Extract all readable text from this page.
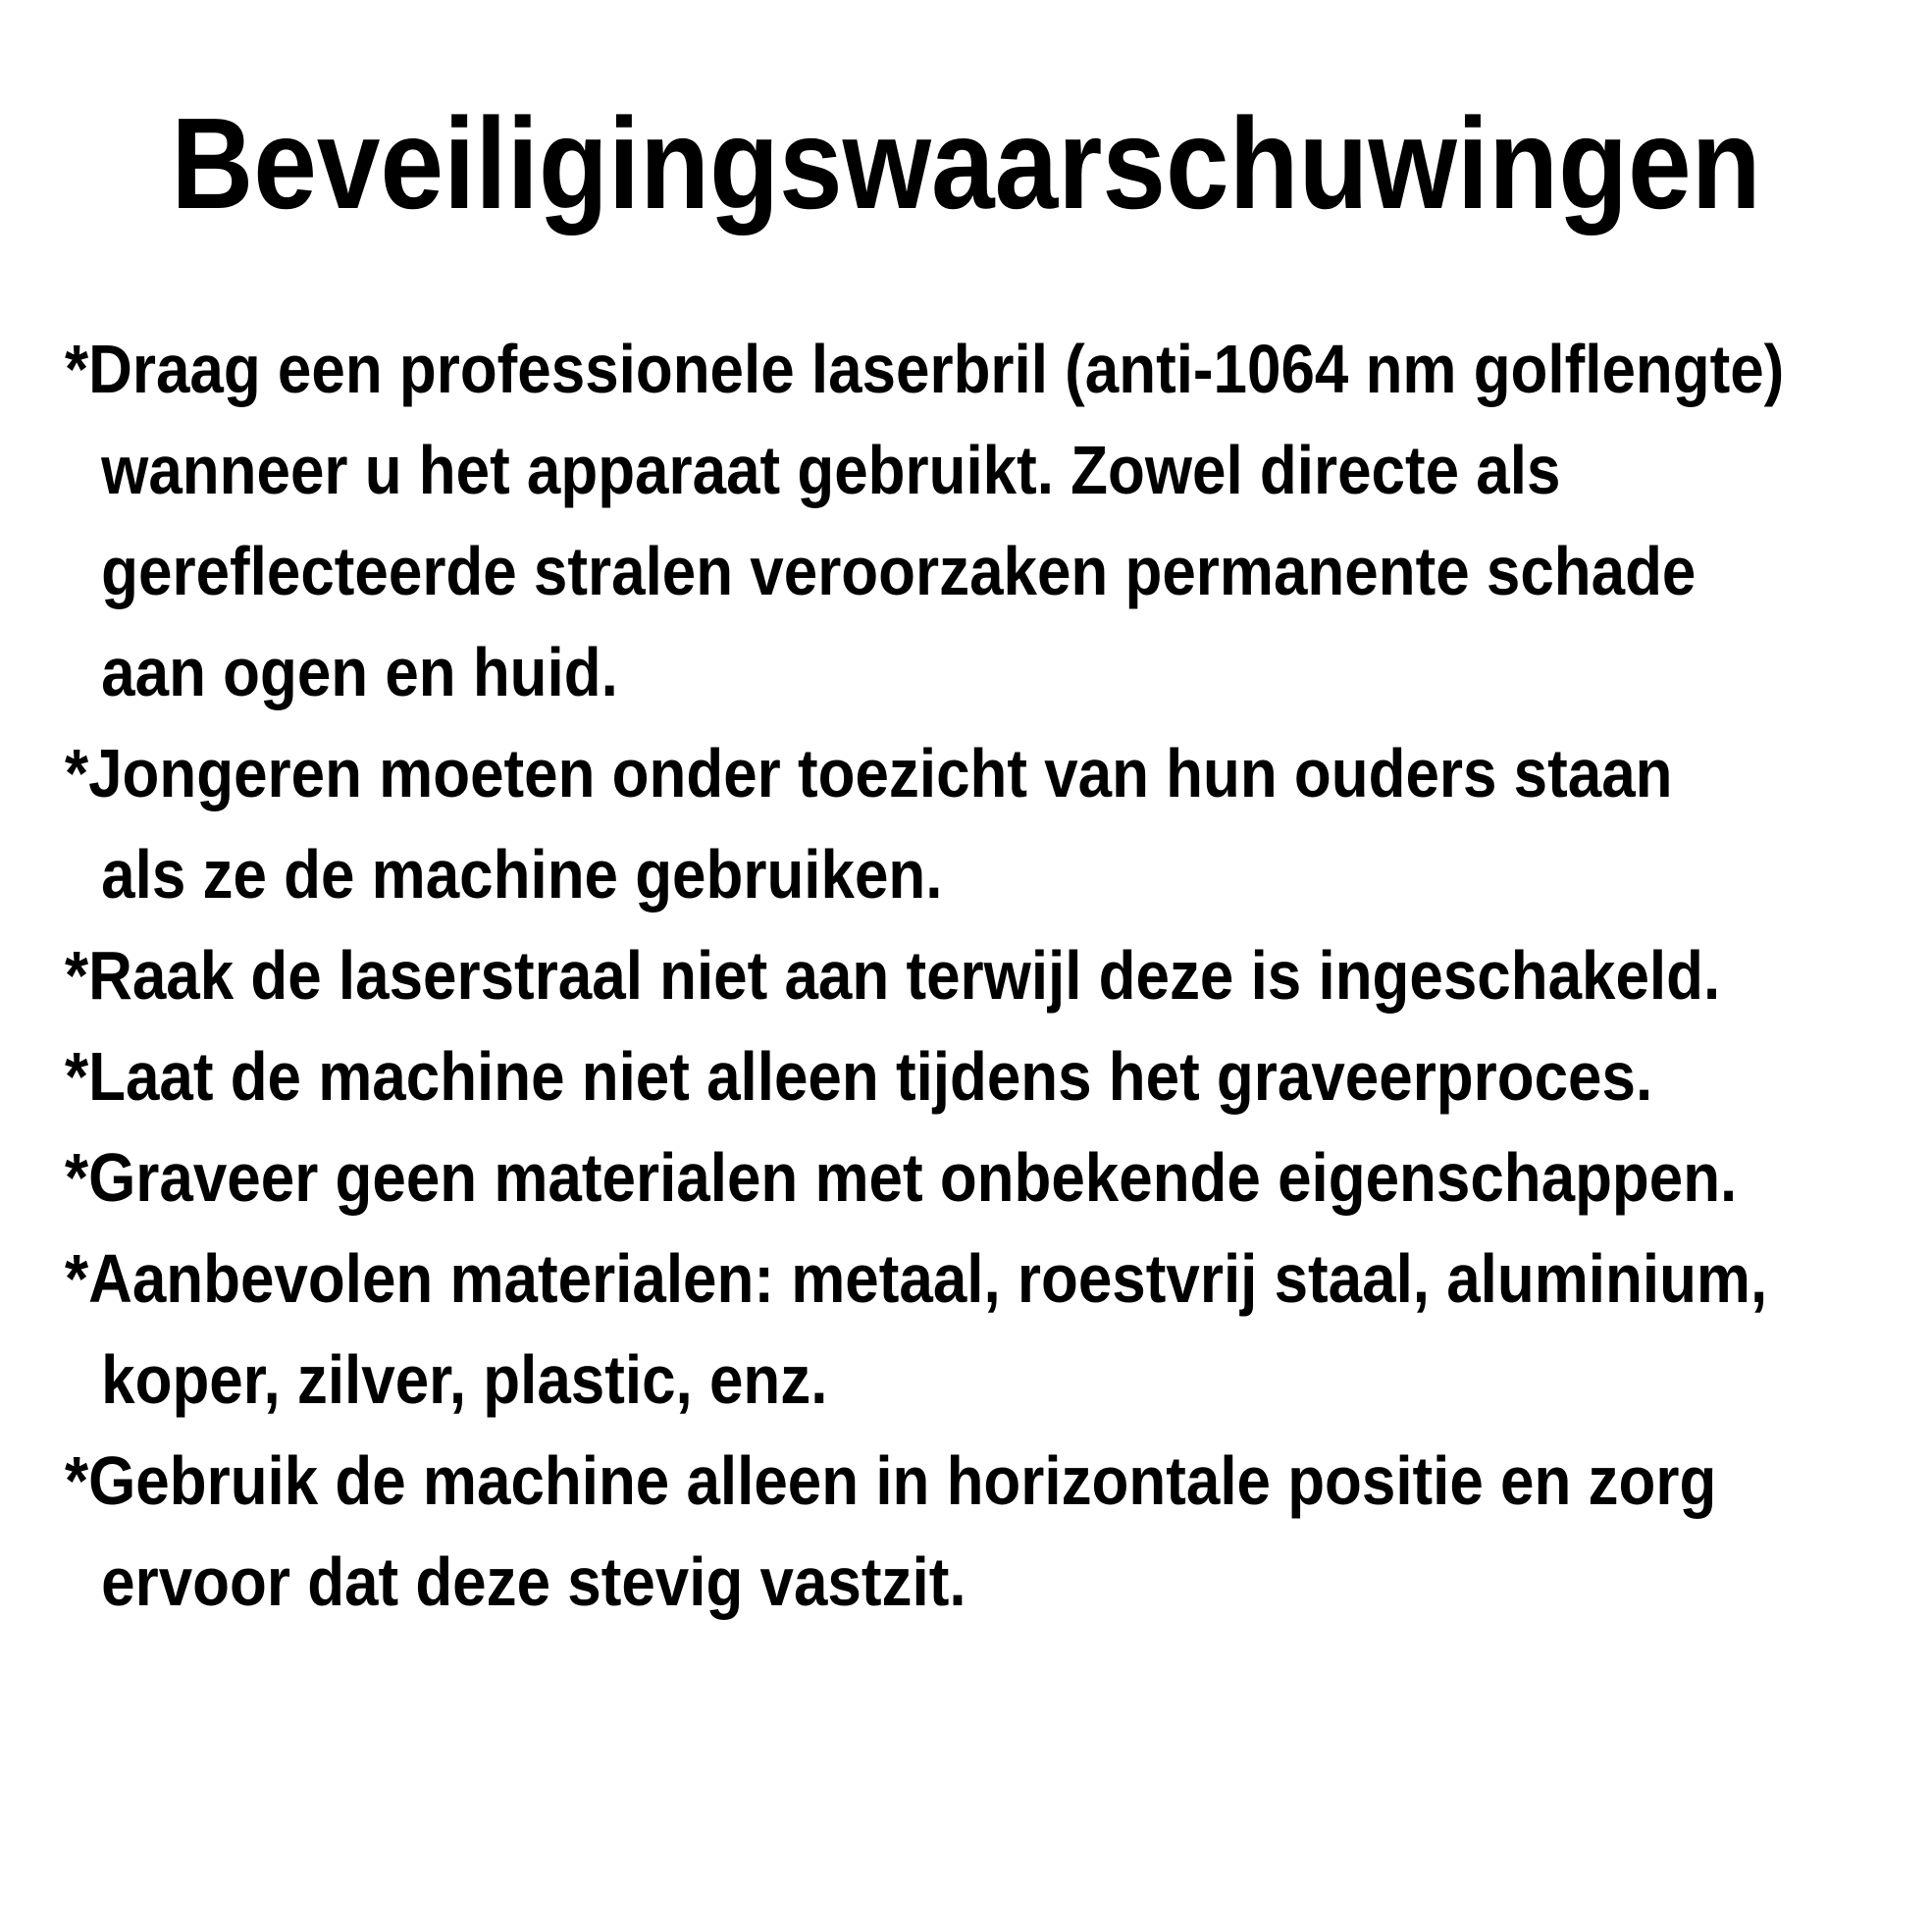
Beveiligingswaarschuwingen
*Draag een professionele laserbril (anti-1064 nm golflengte)
wanneer u het apparaat gebruikt. Zowel directe als
gereflecteerde stralen veroorzaken permanente schade
aan ogen en huid.
*Jongeren moeten onder toezicht van hun ouders staan
als ze de machine gebruiken.
*Raak de laserstraal niet aan terwijl deze is ingeschakeld.
*Laat de machine niet alleen tijdens het graveerproces.
*Graveer geen materialen met onbekende eigenschappen.
*Aanbevolen materialen: metaal, roestvrij staal, aluminium,
koper, zilver, plastic, enz.
*Gebruik de machine alleen in horizontale positie en zorg
ervoor dat deze stevig vastzit.
